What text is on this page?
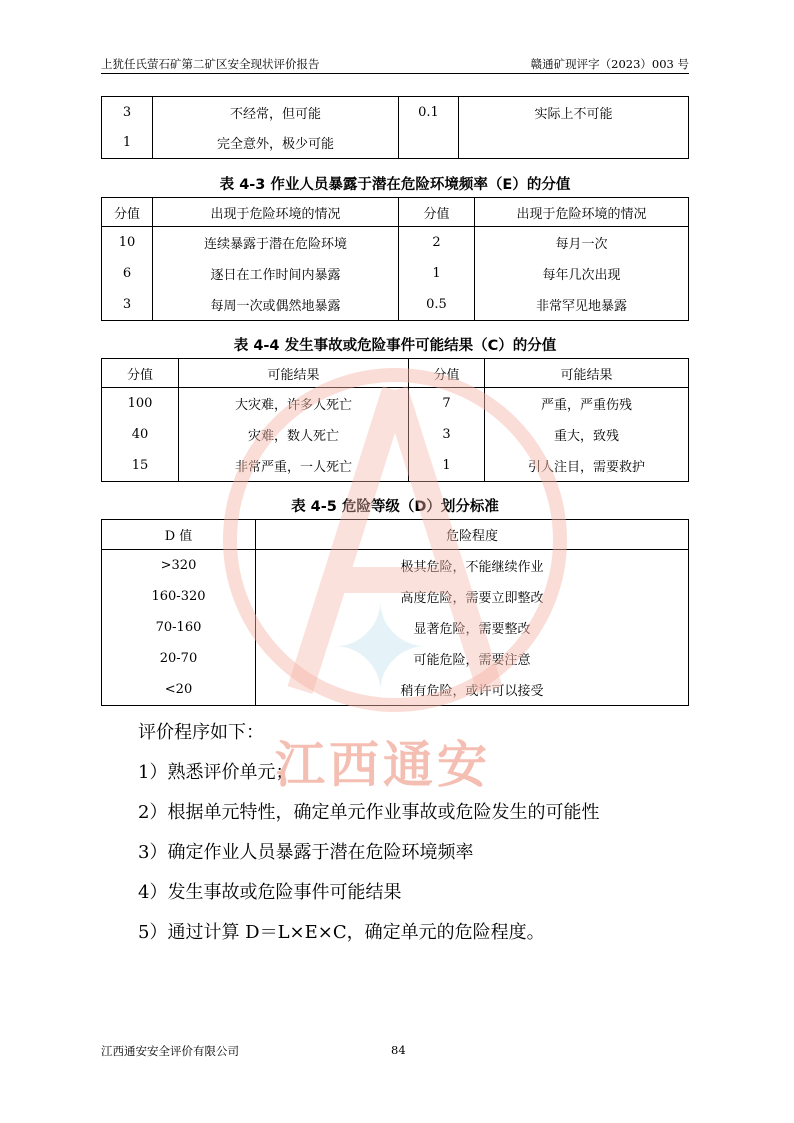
上犹任氏萤石矿第二矿区安全现状评价报告	赣通矿现评字（2023）003 号
3	不经常，但可能	0.1	实际上不可能
1	完全意外，极少可能		
表 4-3 作业人员暴露于潜在危险环境频率（E）的分值
分值	出现于危险环境的情况	分值	出现于危险环境的情况
10	连续暴露于潜在危险环境	2	每月一次
6	逐日在工作时间内暴露	1	每年几次出现
3	每周一次或偶然地暴露	0.5	非常罕见地暴露
表 4-4 发生事故或危险事件可能结果（C）的分值
分值	可能结果	分值	可能结果
100	大灾难，许多人死亡	7	严重，严重伤残
40	灾难，数人死亡	3	重大，致残
15	非常严重，一人死亡	1	引人注目，需要救护
表 4-5 危险等级（D）划分标准
D 值	危险程度
>320	极其危险，不能继续作业
160-320	高度危险，需要立即整改
70-160	显著危险，需要整改
20-70	可能危险，需要注意
<20	稍有危险，或许可以接受
评价程序如下：
1）熟悉评价单元；
2）根据单元特性，确定单元作业事故或危险发生的可能性
3）确定作业人员暴露于潜在危险环境频率
4）发生事故或危险事件可能结果
5）通过计算 D＝L×E×C，确定单元的危险程度。
✦
江西通安
江西通安安全评价有限公司	84
